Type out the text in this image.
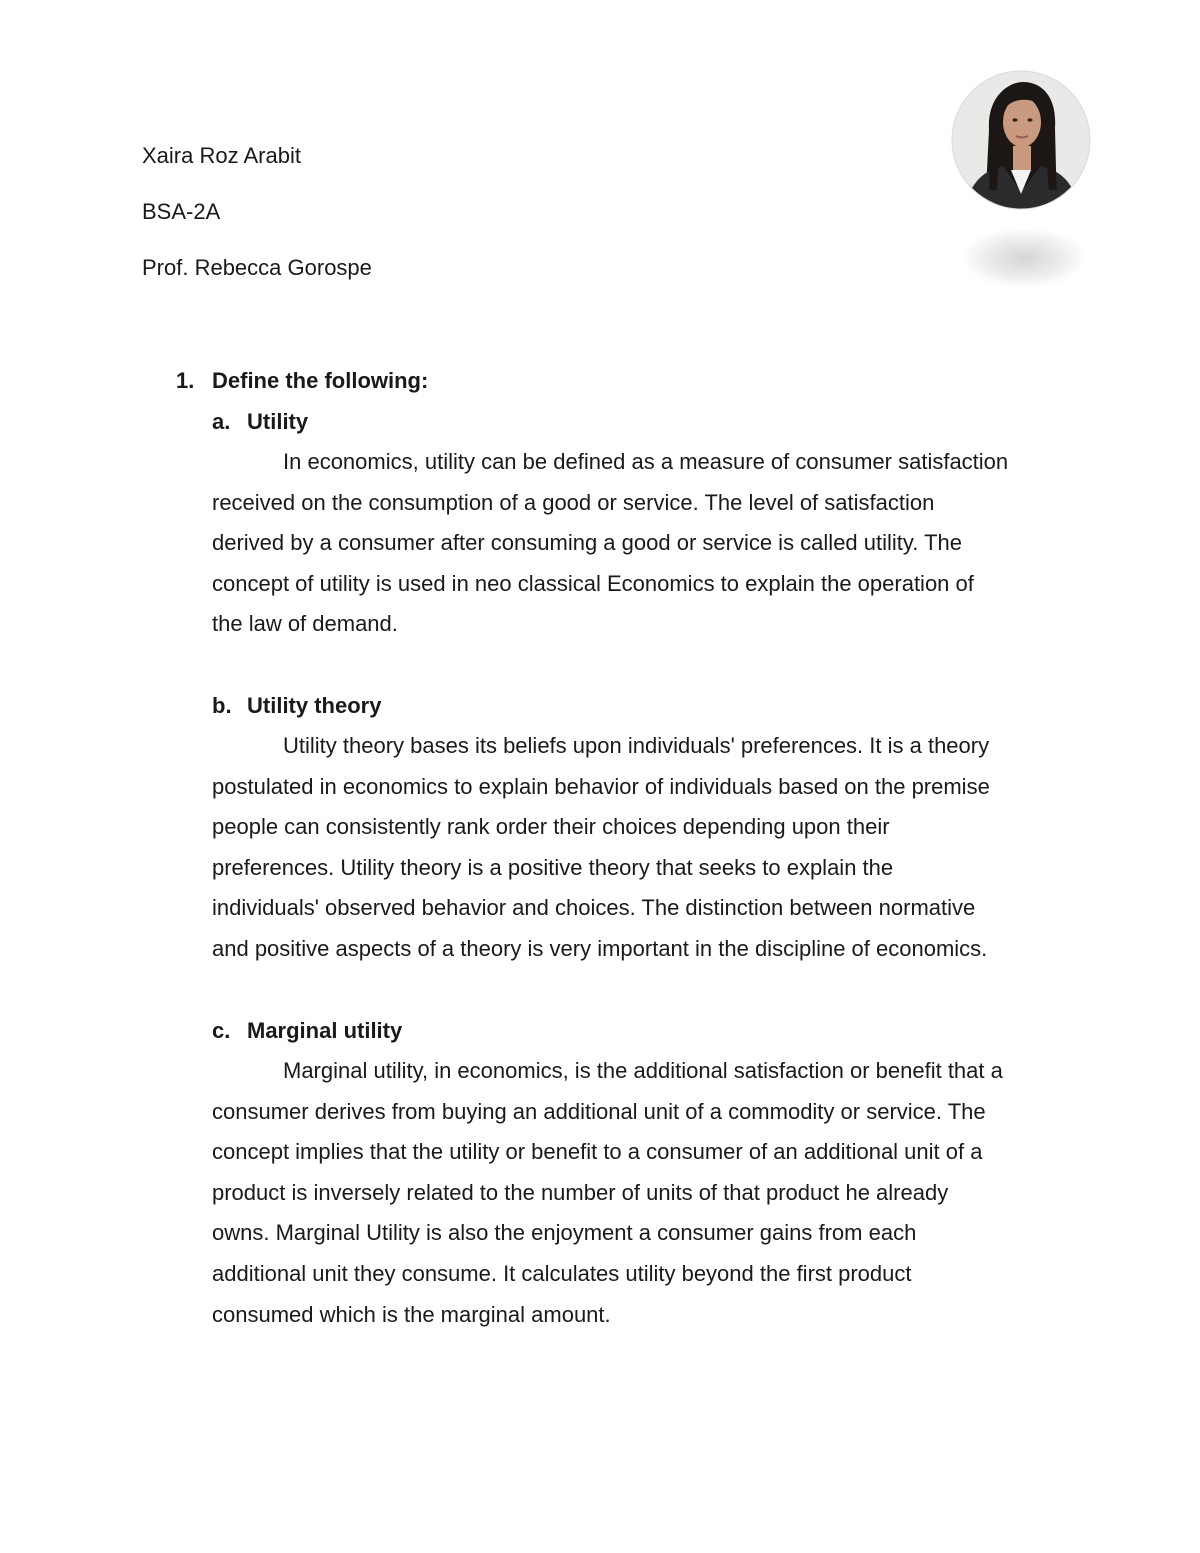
Xaira Roz Arabit
BSA-2A
Prof. Rebecca Gorospe
1. Define the following:
a. Utility

In economics, utility can be defined as a measure of consumer satisfaction
received on the consumption of a good or service. The level of satisfaction
derived by a consumer after consuming a good or service is called utility. The
concept of utility is used in neo classical Economics to explain the operation of
the law of demand.

b. Utility theory

Utility theory bases its beliefs upon individuals' preferences. It is a theory
postulated in economics to explain behavior of individuals based on the premise
people can consistently rank order their choices depending upon their
preferences. Utility theory is a positive theory that seeks to explain the
individuals' observed behavior and choices. The distinction between normative
and positive aspects of a theory is very important in the discipline of economics.

c. Marginal utility

Marginal utility, in economics, is the additional satisfaction or benefit that a
consumer derives from buying an additional unit of a commodity or service. The
concept implies that the utility or benefit to a consumer of an additional unit of a
product is inversely related to the number of units of that product he already
owns. Marginal Utility is also the enjoyment a consumer gains from each
additional unit they consume. It calculates utility beyond the first product
consumed which is the marginal amount.
